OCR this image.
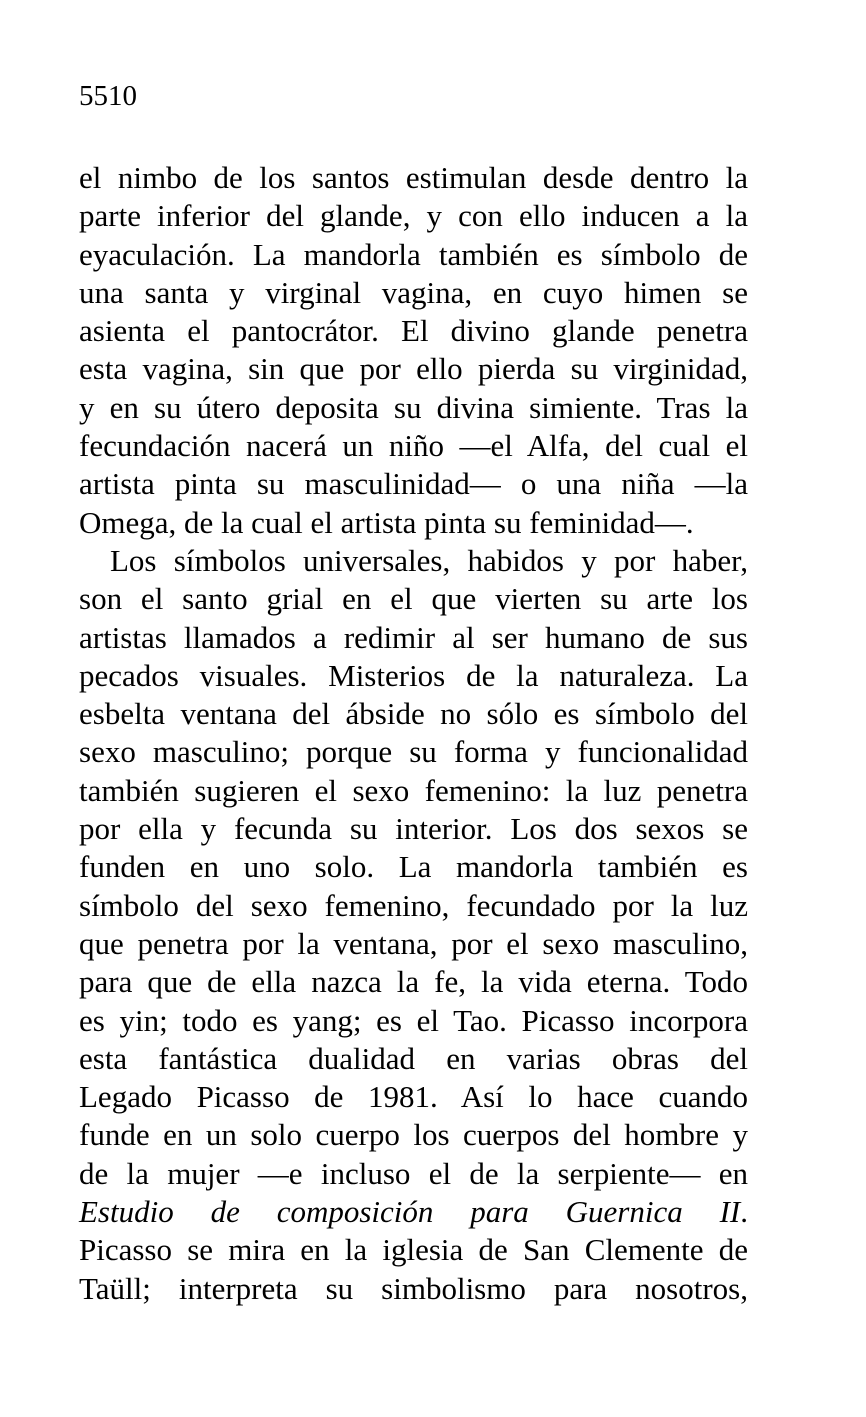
5510
el nimbo de los santos estimulan desde dentro la
parte inferior del glande, y con ello inducen a la
eyaculación. La mandorla también es símbolo de
una santa y virginal vagina, en cuyo himen se
asienta el pantocrátor. El divino glande penetra
esta vagina, sin que por ello pierda su virginidad,
y en su útero deposita su divina simiente. Tras la
fecundación nacerá un niño —el Alfa, del cual el
artista pinta su masculinidad— o una niña —la
Omega, de la cual el artista pinta su feminidad—.
Los símbolos universales, habidos y por haber,
son el santo grial en el que vierten su arte los
artistas llamados a redimir al ser humano de sus
pecados visuales. Misterios de la naturaleza. La
esbelta ventana del ábside no sólo es símbolo del
sexo masculino; porque su forma y funcionalidad
también sugieren el sexo femenino: la luz penetra
por ella y fecunda su interior. Los dos sexos se
funden en uno solo. La mandorla también es
símbolo del sexo femenino, fecundado por la luz
que penetra por la ventana, por el sexo masculino,
para que de ella nazca la fe, la vida eterna. Todo
es yin; todo es yang; es el Tao. Picasso incorpora
esta fantástica dualidad en varias obras del
Legado Picasso de 1981. Así lo hace cuando
funde en un solo cuerpo los cuerpos del hombre y
de la mujer —e incluso el de la serpiente— en
Estudio de composición para Guernica II.
Picasso se mira en la iglesia de San Clemente de
Taüll; interpreta su simbolismo para nosotros,
